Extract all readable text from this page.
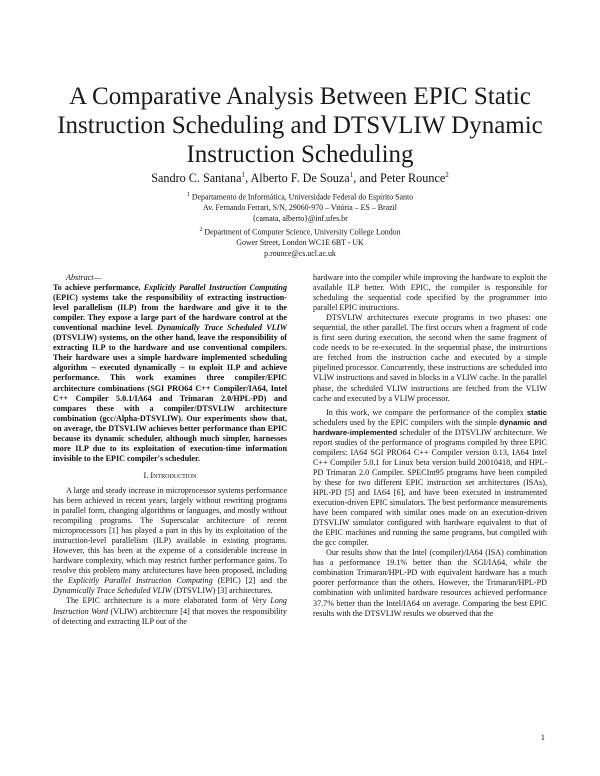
A Comparative Analysis Between EPIC Static
Instruction Scheduling and DTSVLIW Dynamic
Instruction Scheduling
Sandro C. Santana$^1$, Alberto F. De Souza$^1$, and Peter Rounce$^2$
$^1$ Departamento de Informática, Universidade Federal do Espírito Santo
Av. Fernando Ferrari, S/N, 29060-970 – Vitória – ES – Brazil
{camata, alberto}@inf.ufes.br
$^2$ Department of Computer Science, University College London
Gower Street, London WC1E 6BT - UK
p.rounce@cs.ucl.ac.uk

Abstract—
To achieve performance, Explicitly Parallel Instruction Computing (EPIC) systems take the responsibility of extracting instruction-level parallelism (ILP) from the hardware and give it to the compiler. They expose a large part of the hardware control at the conventional machine level. Dynamically Trace Scheduled VLIW (DTSVLIW) systems, on the other hand, leave the responsibility of extracting ILP to the hardware and use conventional compilers. Their hardware uses a simple hardware implemented scheduling algorithm – executed dynamically – to exploit ILP and achieve performance. This work examines three compiler/EPIC architecture combinations (SGI PRO64 C++ Compiler/IA64, Intel C++ Compiler 5.0.1/IA64 and Trimaran 2.0/HPL-PD) and compares these with a compiler/DTSVLIW architecture combination (gcc/Alpha-DTSVLIW). Our experiments show that, on average, the DTSVLIW achieves better performance than EPIC because its dynamic scheduler, although much simpler, harnesses more ILP due to its exploitation of execution-time information invisible to the EPIC compiler's scheduler.

I. Introduction

A large and steady increase in microprocessor systems performance has been achieved in recent years, largely without rewriting programs in parallel form, changing algorithms or languages, and mostly without recompiling programs. The Superscalar architecture of recent microprocessors [1] has played a part in this by its exploitation of the instruction-level parallelism (ILP) available in existing programs. However, this has been at the expense of a considerable increase in hardware complexity, which may restrict further performance gains. To resolve this problem many architectures have been proposed, including the Explicitly Parallel Instruction Computing (EPIC) [2] and the Dynamically Trace Scheduled VLIW (DTSVLIW) [3] architectures.

The EPIC architecture is a more elaborated form of Very Long Instruction Word (VLIW) architecture [4] that moves the responsibility of detecting and extracting ILP out of the

hardware into the compiler while improving the hardware to exploit the available ILP better. With EPIC, the compiler is responsible for scheduling the sequential code specified by the programmer into parallel EPIC instructions.

DTSVLIW architectures execute programs in two phases: one sequential, the other parallel. The first occurs when a fragment of code is first seen during execution, the second when the same fragment of code needs to be re-executed. In the sequential phase, the instructions are fetched from the instruction cache and executed by a simple pipelined processor. Concurrently, these instructions are scheduled into VLIW instructions and saved in blocks in a VLIW cache. In the parallel phase, the scheduled VLIW instructions are fetched from the VLIW cache and executed by a VLIW processor.

In this work, we compare the performance of the complex static schedulers used by the EPIC compilers with the simple dynamic and hardware-implemented scheduler of the DTSVLIW architecture. We report studies of the performance of programs compiled by three EPIC compilers: IA64 SGI PRO64 C++ Compiler version 0.13, IA64 Intel C++ Compiler 5.0.1 for Linux beta version build 20010418, and HPL-PD Trimaran 2.0 Compiler. SPECInt95 programs have been compiled by these for two different EPIC instruction set architectures (ISAs), HPL-PD [5] and IA64 [6], and have been executed in instrumented execution-driven EPIC simulators. The best performance measurements have been compared with similar ones made on an execution-driven DTSVLIW simulator configured with hardware equivalent to that of the EPIC machines and running the same programs, but compiled with the gcc compiler.

Our results show that the Intel (compiler)/IA64 (ISA) combination has a performance 19.1% better than the SGI/IA64, while the combination Trimaran/HPL-PD with equivalent hardware has a much poorer performance than the others. However, the Trimaran/HPL-PD combination with unlimited hardware resources achieved performance 37.7% better than the Intel/IA64 on average. Comparing the best EPIC results with the DTSVLIW results we observed that the

1
